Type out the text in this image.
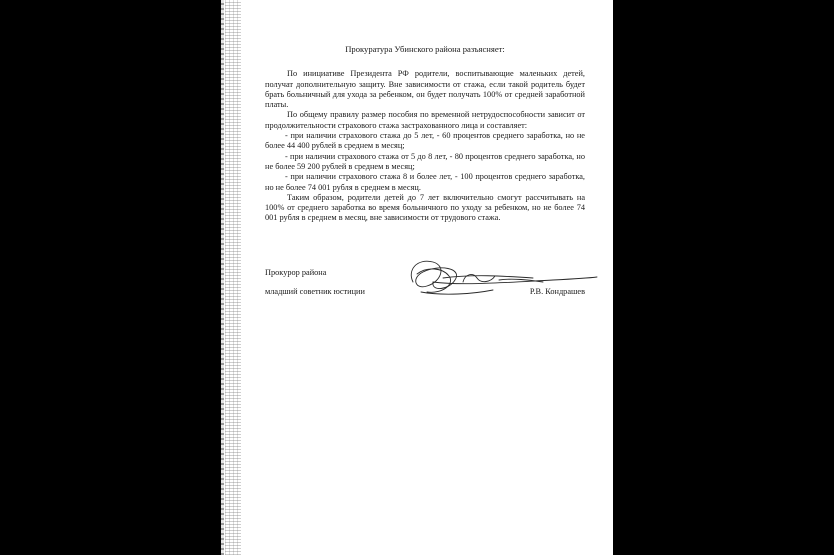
Прокуратура Убинского района разъясняет:

По инициативе Президента РФ родители, воспитывающие маленьких детей, получат дополнительную защиту. Вне зависимости от стажа, если такой родитель будет брать больничный для ухода за ребенком, он будет получать 100% от средней заработной платы.

По общему правилу размер пособия по временной нетрудоспособности зависит от продолжительности страхового стажа застрахованного лица и составляет:

- при наличии страхового стажа до 5 лет, - 60 процентов среднего заработка, но не более 44 400 рублей в среднем в месяц;

- при наличии страхового стажа от 5 до 8 лет, - 80 процентов среднего заработка, но не более 59 200 рублей в среднем в месяц;

- при наличии страхового стажа 8 и более лет, - 100 процентов среднего заработка, но не более 74 001 рубля в среднем в месяц.

Таким образом, родители детей до 7 лет включительно смогут рассчитывать на 100% от среднего заработка во время больничного по уходу за ребенком, но не более 74 001 рубля в среднем в месяц, вне зависимости от трудового стажа.

Прокурор района
младший советник юстиции	Р.В. Кондрашев
